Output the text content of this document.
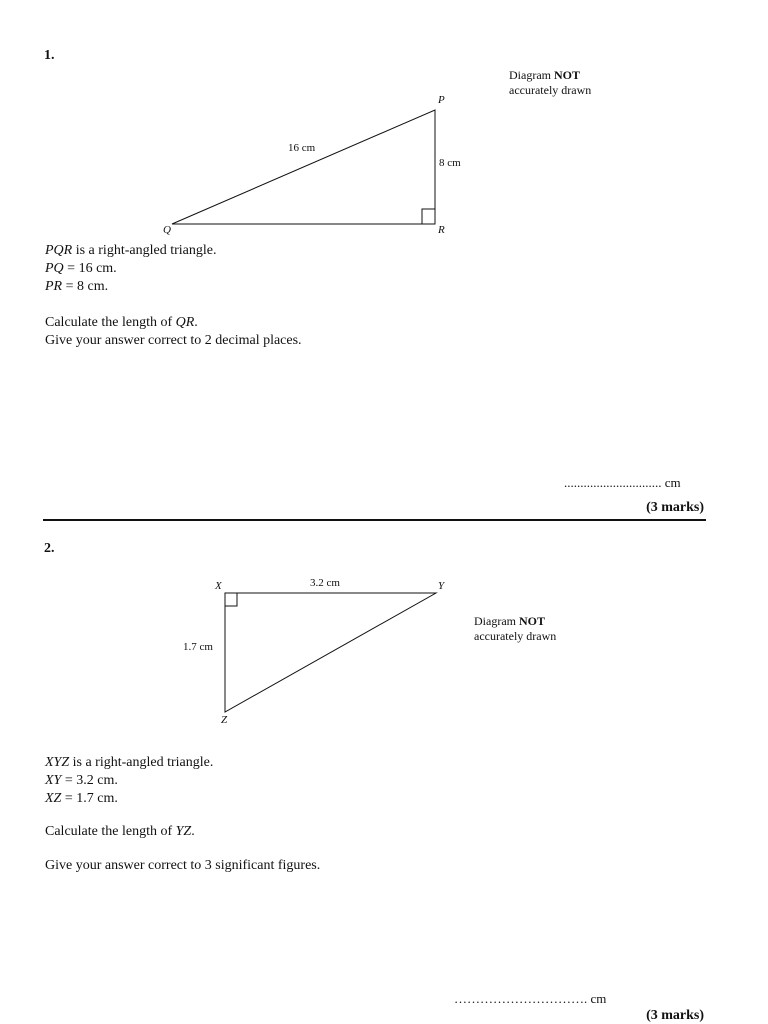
1.
Diagram NOT
accurately drawn
P
Q	R
16 cm
8 cm
PQR is a right-angled triangle.
PQ = 16 cm.
PR = 8 cm.
Calculate the length of QR.
Give your answer correct to 2 decimal places.
.............................. cm
(3 marks)
2.
Diagram NOT
accurately drawn
X	Y
Z
3.2 cm
1.7 cm
XYZ is a right-angled triangle.
XY = 3.2 cm.
XZ = 1.7 cm.
Calculate the length of YZ.
Give your answer correct to 3 significant figures.
…………………………. cm
(3 marks)
